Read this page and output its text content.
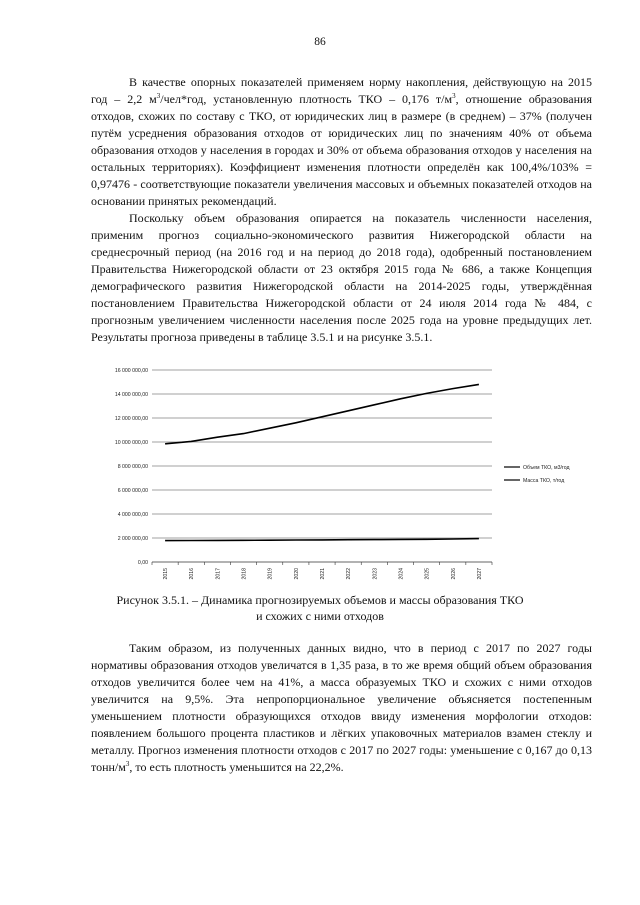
86

В качестве опорных показателей применяем норму накопления, действующую на 2015 год – 2,2 $м^3/чел*год$, установленную плотность ТКО – 0,176 $т/м^3$, отношение образования отходов, схожих по составу с ТКО, от юридических лиц в размере (в среднем) – 37% (получен путём усреднения образования отходов от юридических лиц по значениям 40% от объема образования отходов у населения в городах и 30% от объема образования отходов у населения на остальных территориях). Коэффициент изменения плотности определён как 100,4%/103% = 0,97476 - соответствующие показатели увеличения массовых и объемных показателей отходов на основании принятых рекомендаций.

Поскольку объем образования опирается на показатель численности населения, применим прогноз социально-экономического развития Нижегородской области на среднесрочный период (на 2016 год и на период до 2018 года), одобренный постановлением Правительства Нижегородской области от 23 октября 2015 года № 686, а также Концепция демографического развития Нижегородской области на 2014-2025 годы, утверждённая постановлением Правительства Нижегородской области от 24 июля 2014 года № 484, с прогнозным увеличением численности населения после 2025 года на уровне предыдущих лет. Результаты прогноза приведены в таблице 3.5.1 и на рисунке 3.5.1.

0,00
2 000 000,00
4 000 000,00
6 000 000,00
8 000 000,00
10 000 000,00
12 000 000,00
14 000 000,00
16 000 000,00
2015	2016	2017	2018	2019	2020	2021	2022	2023	2024	2025	2026	2027
Объем ТКО, м3/год
Масса ТКО, т/год
Рисунок 3.5.1. – Динамика прогнозируемых объемов и массы образования ТКО
и схожих с ними отходов

Таким образом, из полученных данных видно, что в период с 2017 по 2027 годы нормативы образования отходов увеличатся в 1,35 раза, в то же время общий объем образования отходов увеличится более чем на 41%, а масса образуемых ТКО и схожих с ними отходов увеличится на 9,5%. Эта непропорциональное увеличение объясняется постепенным уменьшением плотности образующихся отходов ввиду изменения морфологии отходов: появлением большого процента пластиков и лёгких упаковочных материалов взамен стеклу и металлу. Прогноз изменения плотности отходов с 2017 по 2027 годы: уменьшение с 0,167 до 0,13 тонн/$м^3$, то есть плотность уменьшится на 22,2%.
